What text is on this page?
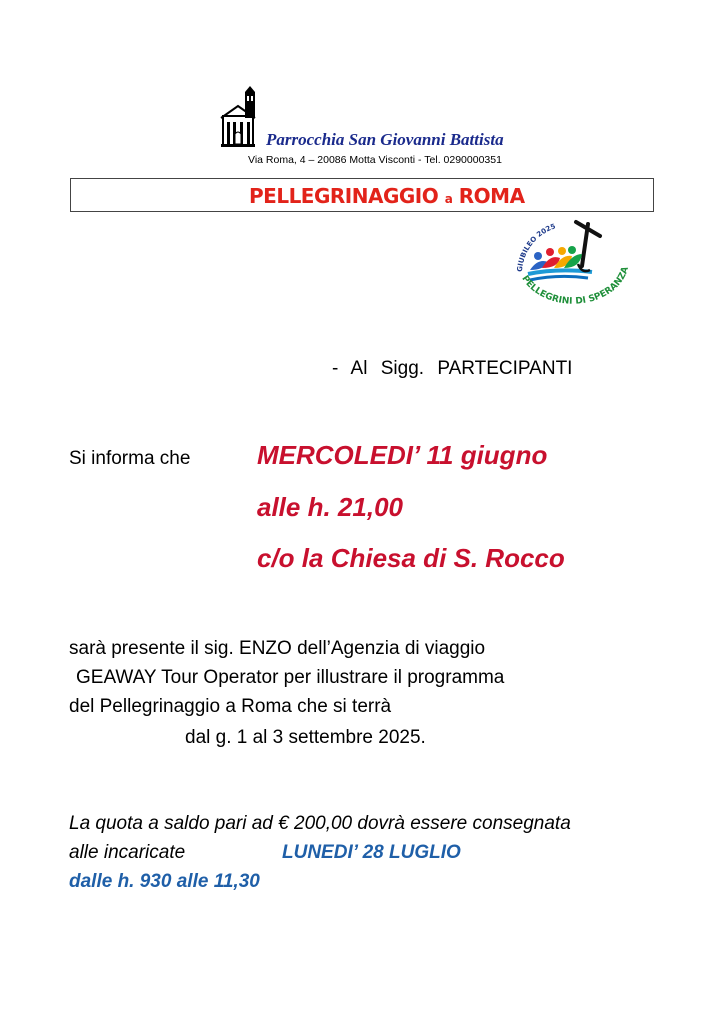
Parrocchia San Giovanni Battista
Via Roma, 4 – 20086 Motta Visconti - Tel. 0290000351
PELLEGRINAGGIO a ROMA
GIUBILEO 2025
PELLEGRINI DI SPERANZA
- Al Sigg. PARTECIPANTI
Si informa che	MERCOLEDI’ 11 giugno
alle h. 21,00
c/o la Chiesa di S. Rocco
sarà presente il sig. ENZO dell’Agenzia di viaggio
GEAWAY Tour Operator per illustrare il programma
del Pellegrinaggio a Roma che si terrà
dal g. 1 al 3 settembre 2025.
La quota a saldo pari ad € 200,00 dovrà essere consegnata
alle incaricate	LUNEDI’ 28 LUGLIO
dalle h. 930 alle 11,30
